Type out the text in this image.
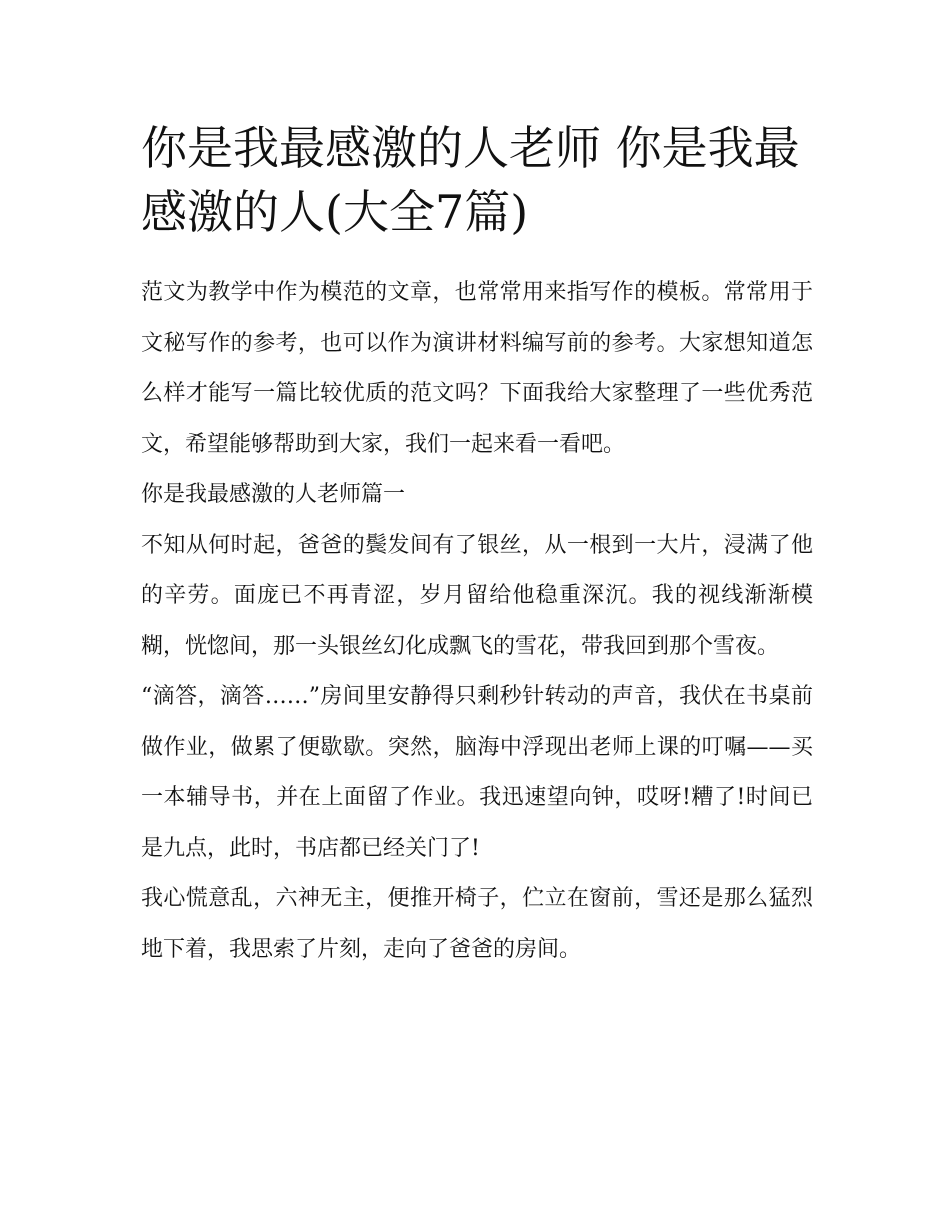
你是我最感激的人老师 你是我最感激的人(大全7篇)

范文为教学中作为模范的文章，也常常用来指写作的模板。常常用于文秘写作的参考，也可以作为演讲材料编写前的参考。大家想知道怎么样才能写一篇比较优质的范文吗？下面我给大家整理了一些优秀范文，希望能够帮助到大家，我们一起来看一看吧。

你是我最感激的人老师篇一

不知从何时起，爸爸的鬓发间有了银丝，从一根到一大片，浸满了他的辛劳。面庞已不再青涩，岁月留给他稳重深沉。我的视线渐渐模糊，恍惚间，那一头银丝幻化成飘飞的雪花，带我回到那个雪夜。

“滴答，滴答……”房间里安静得只剩秒针转动的声音，我伏在书桌前做作业，做累了便歇歇。突然，脑海中浮现出老师上课的叮嘱——买一本辅导书，并在上面留了作业。我迅速望向钟，哎呀!糟了!时间已是九点，此时，书店都已经关门了!

我心慌意乱，六神无主，便推开椅子，伫立在窗前，雪还是那么猛烈地下着，我思索了片刻，走向了爸爸的房间。
